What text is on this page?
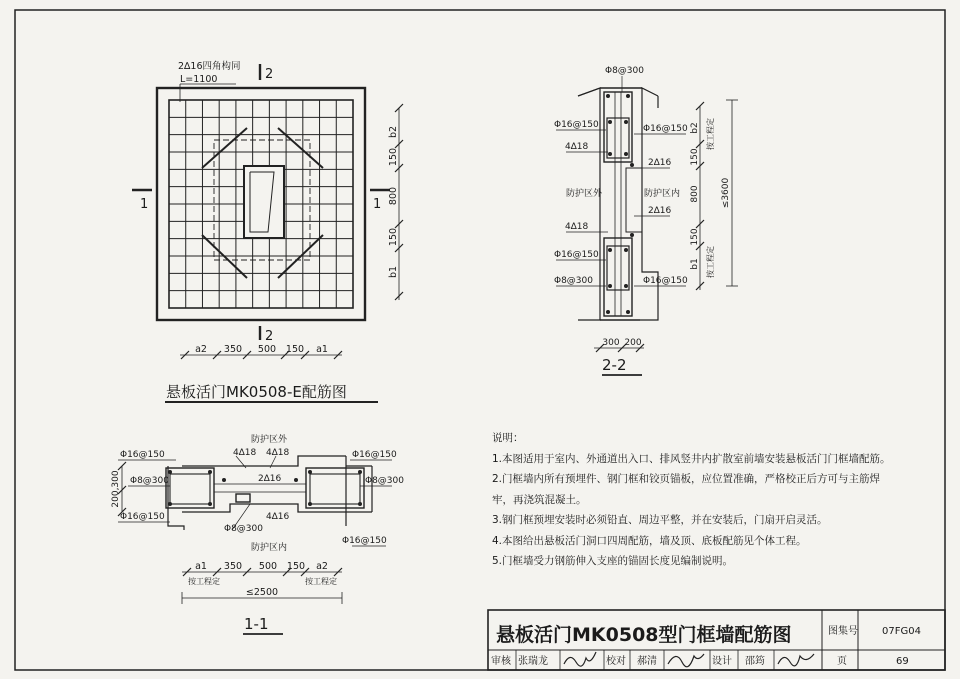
2∆16四角构同
L=1100	2
2
1	1
b2
150
800
150
b1
a2 350 500 150 a1
悬板活门MK0508-E配筋图
Φ8@300
Φ16@150	Φ16@150
4∆18
2∆16
防护区外	防护区内
2∆16
4∆18
Φ16@150
Φ8@300	Φ16@150
b2
150
800
150
b1
按工程定
≤3600
按工程定
300 200
2-2
防护区外
4∆18 4∆18
Φ16@150	Φ16@150
Φ8@300	2∆16	Φ8@300
Φ16@150	4∆16
Φ8@300
防护区内
Φ16@150
200,300
a1 350 500 150 a2
按工程定	按工程定
≤2500
1-1	悬板活门MK0508型门框墙配筋图	图集号 07FG04
页	69
审核 张瑞龙	校对 郝清	设计 邵筠
说明：
1.本图适用于室内、外通道出入口、排风竖井内扩散室前墙安装悬板活门门框墙配筋。
2.门框墙内所有预埋件、钢门框和铰页锚板，应位置准确，严格校正后方可与主筋焊
牢，再浇筑混凝土。
3.钢门框预埋安装时必须铅直、周边平整，并在安装后，门扇开启灵活。
4.本图给出悬板活门洞口四周配筋，墙及顶、底板配筋见个体工程。
5.门框墙受力钢筋伸入支座的锚固长度见编制说明。
